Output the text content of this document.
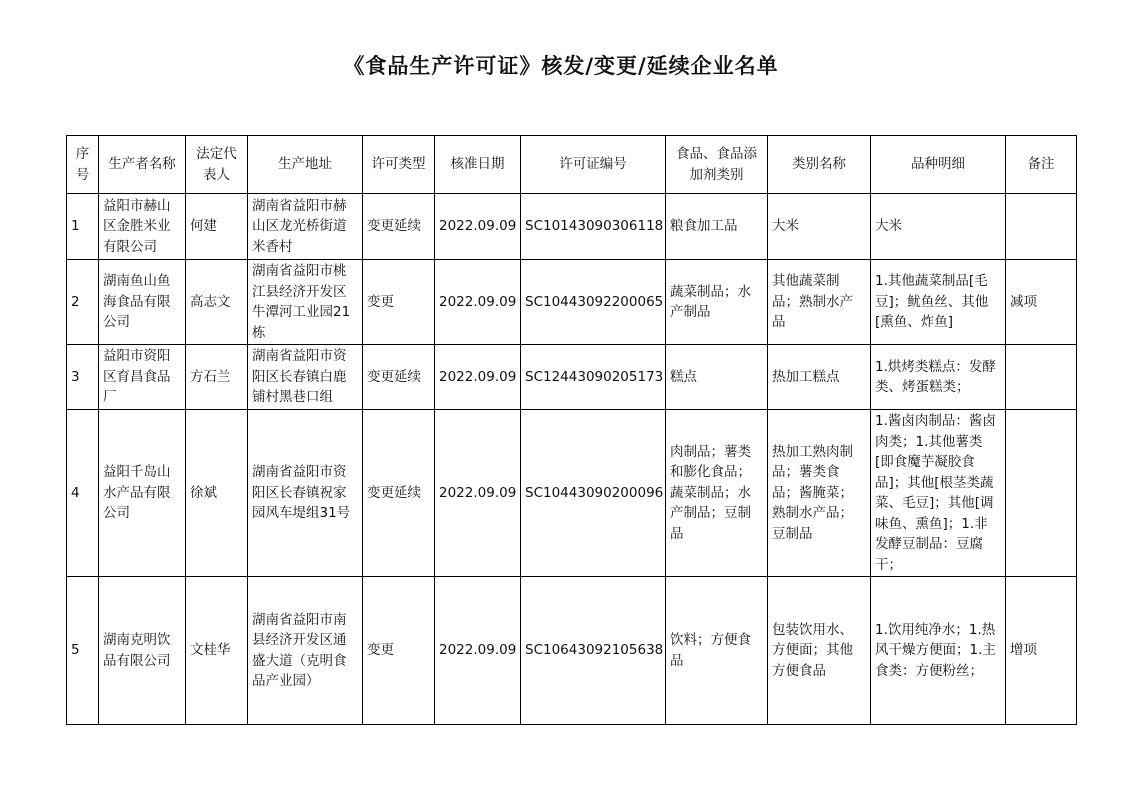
《食品生产许可证》核发/变更/延续企业名单
序号	生产者名称	法定代表人	生产地址	许可类型	核准日期	许可证编号	食品、食品添加剂类别	类别名称	品种明细	备注
1	益阳市赫山区金胜米业有限公司	何建	湖南省益阳市赫山区龙光桥街道米香村	变更延续	2022.09.09	SC10143090306118	粮食加工品	大米	大米	
2	湖南鱼山鱼海食品有限公司	高志文	湖南省益阳市桃江县经济开发区牛潭河工业园21栋	变更	2022.09.09	SC10443092200065	蔬菜制品；水产制品	其他蔬菜制品；熟制水产品	1.其他蔬菜制品[毛豆]；鱿鱼丝、其他[熏鱼、炸鱼]	减项
3	益阳市资阳区育昌食品厂	方石兰	湖南省益阳市资阳区长春镇白鹿铺村黑巷口组	变更延续	2022.09.09	SC12443090205173	糕点	热加工糕点	1.烘烤类糕点：发酵类、烤蛋糕类；	
4	益阳千岛山水产品有限公司	徐斌	湖南省益阳市资阳区长春镇祝家园风车堤组31号	变更延续	2022.09.09	SC10443090200096	肉制品；薯类和膨化食品；蔬菜制品；水产制品；豆制品	热加工熟肉制品；薯类食品；酱腌菜；熟制水产品；豆制品	1.酱卤肉制品：酱卤肉类；1.其他薯类[即食魔芋凝胶食品]；其他[根茎类蔬菜、毛豆]；其他[调味鱼、熏鱼]；1.非发酵豆制品：豆腐干；	
5	湖南克明饮品有限公司	文桂华	湖南省益阳市南县经济开发区通盛大道（克明食品产业园）	变更	2022.09.09	SC10643092105638	饮料；方便食品	包装饮用水、方便面；其他方便食品	1.饮用纯净水；1.热风干燥方便面；1.主食类：方便粉丝；	增项
